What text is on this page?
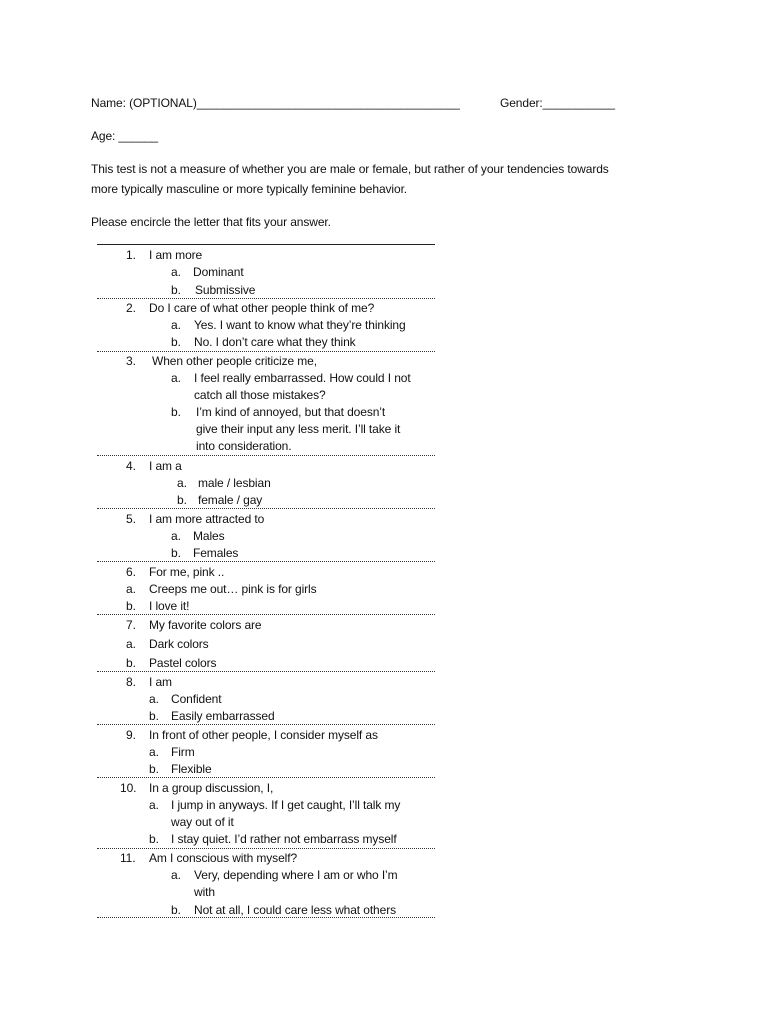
Name: (OPTIONAL)________________________________________	Gender:___________
Age: ______
This test is not a measure of whether you are male or female, but rather of your tendencies towards
more typically masculine or more typically feminine behavior.
Please encircle the letter that fits your answer.
1. I am more
a. Dominant
b. Submissive
2. Do I care of what other people think of me?
a. Yes. I want to know what they’re thinking
b. No. I don’t care what they think
3. When other people criticize me,
a. I feel really embarrassed. How could I not
catch all those mistakes?
b. I’m kind of annoyed, but that doesn’t
give their input any less merit. I’ll take it
into consideration.
4. I am a
a. male / lesbian
b. female / gay
5. I am more attracted to
a. Males
b. Females
6. For me, pink ..
a. Creeps me out… pink is for girls
b. I love it!
7. My favorite colors are
a. Dark colors
b. Pastel colors
8. I am
a. Confident
b. Easily embarrassed
9. In front of other people, I consider myself as
a. Firm
b. Flexible
10. In a group discussion, I,
a. I jump in anyways. If I get caught, I’ll talk my
way out of it
b. I stay quiet. I’d rather not embarrass myself
11. Am I conscious with myself?
a. Very, depending where I am or who I’m
with
b. Not at all, I could care less what others
